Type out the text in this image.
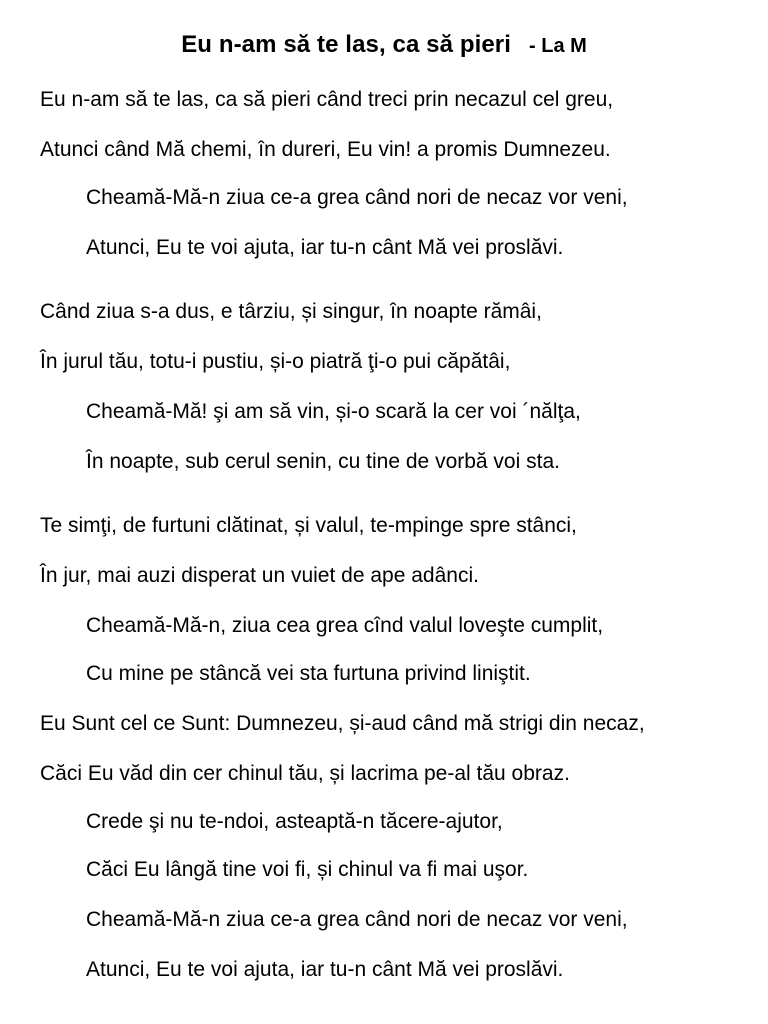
Eu n-am să te las, ca să pieri - La M
Eu n-am să te las, ca să pieri când treci prin necazul cel greu,
Atunci când Mă chemi, în dureri, Eu vin! a promis Dumnezeu.
Cheamă-Mă-n ziua ce-a grea când nori de necaz vor veni,
Atunci, Eu te voi ajuta, iar tu-n cânt Mă vei proslăvi.
Când ziua s-a dus, e târziu, și singur, în noapte rămâi,
În jurul tău, totu-i pustiu, și-o piatră ţi-o pui căpătâi,
Cheamă-Mă! şi am să vin, și-o scară la cer voi ´nălţa,
În noapte, sub cerul senin, cu tine de vorbă voi sta.
Te simţi, de furtuni clătinat, și valul, te-mpinge spre stânci,
În jur, mai auzi disperat un vuiet de ape adânci.
Cheamă-Mă-n, ziua cea grea cînd valul loveşte cumplit,
Cu mine pe stâncă vei sta furtuna privind liniştit.
Eu Sunt cel ce Sunt: Dumnezeu, și-aud când mă strigi din necaz,
Căci Eu văd din cer chinul tău, și lacrima pe-al tău obraz.
Crede şi nu te-ndoi, asteaptă-n tăcere-ajutor,
Căci Eu lângă tine voi fi, și chinul va fi mai uşor.
Cheamă-Mă-n ziua ce-a grea când nori de necaz vor veni,
Atunci, Eu te voi ajuta, iar tu-n cânt Mă vei proslăvi.
